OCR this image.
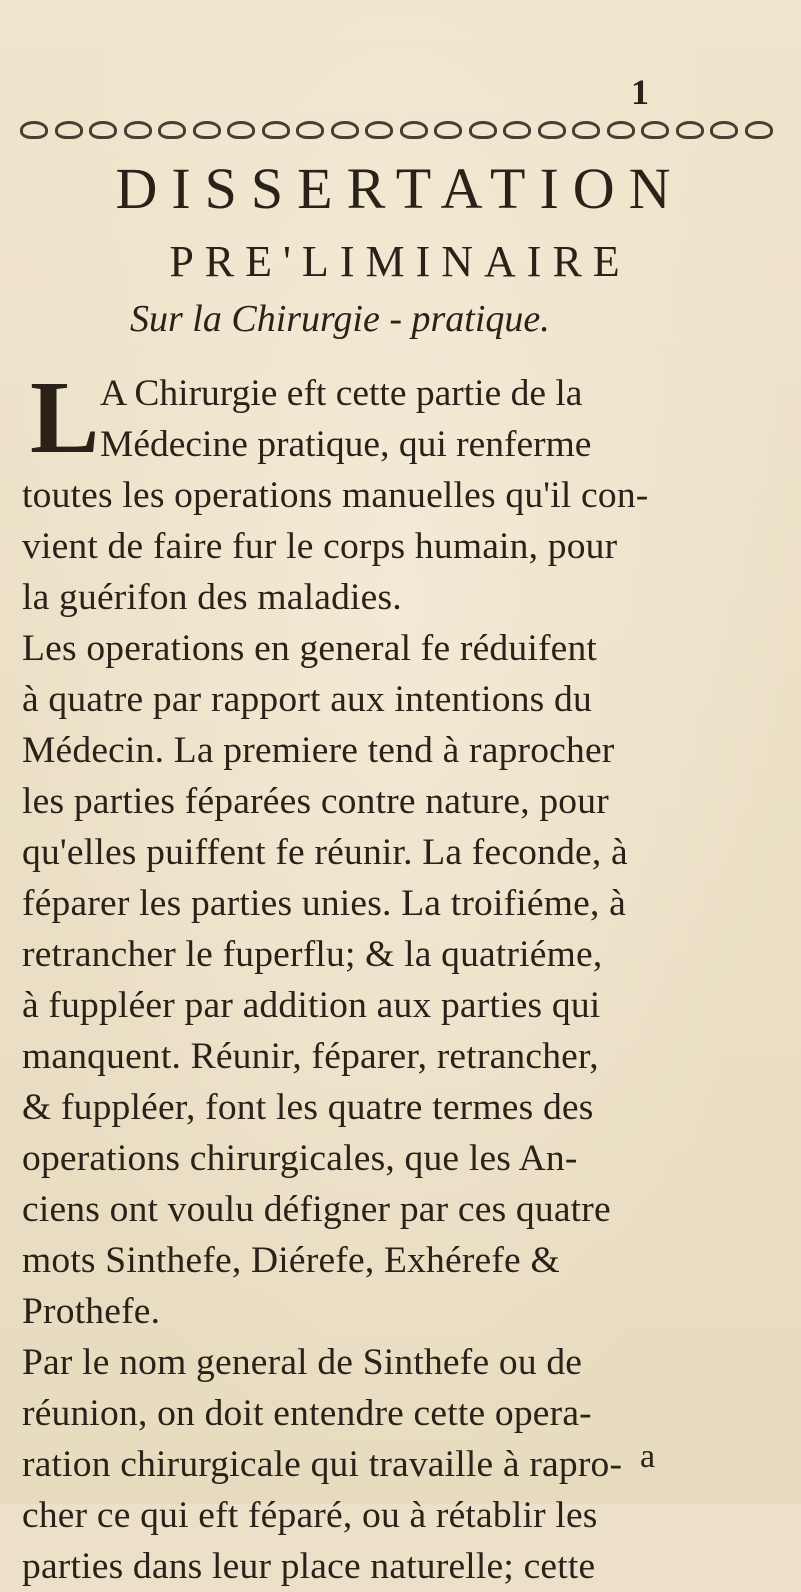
1
DISSERTATION
PRE'LIMINAIRE
Sur la Chirurgie - pratique.
L A Chirurgie eft cette partie de la
Médecine pratique, qui renferme
toutes les operations manuelles qu'il con-
vient de faire fur le corps humain, pour
la guérifon des maladies.
Les operations en general fe réduifent
à quatre par rapport aux intentions du
Médecin. La premiere tend à raprocher
les parties féparées contre nature, pour
qu'elles puiffent fe réunir. La feconde, à
féparer les parties unies. La troifiéme, à
retrancher le fuperflu; & la quatriéme,
à fuppléer par addition aux parties qui
manquent. Réunir, féparer, retrancher,
& fuppléer, font les quatre termes des
operations chirurgicales, que les An-
ciens ont voulu défigner par ces quatre
mots Sinthefe, Diérefe, Exhérefe &
Prothefe.
Par le nom general de Sinthefe ou de
réunion, on doit entendre cette opera-
ration chirurgicale qui travaille à rapro-
cher ce qui eft féparé, ou à rétablir les
parties dans leur place naturelle; cette
a
